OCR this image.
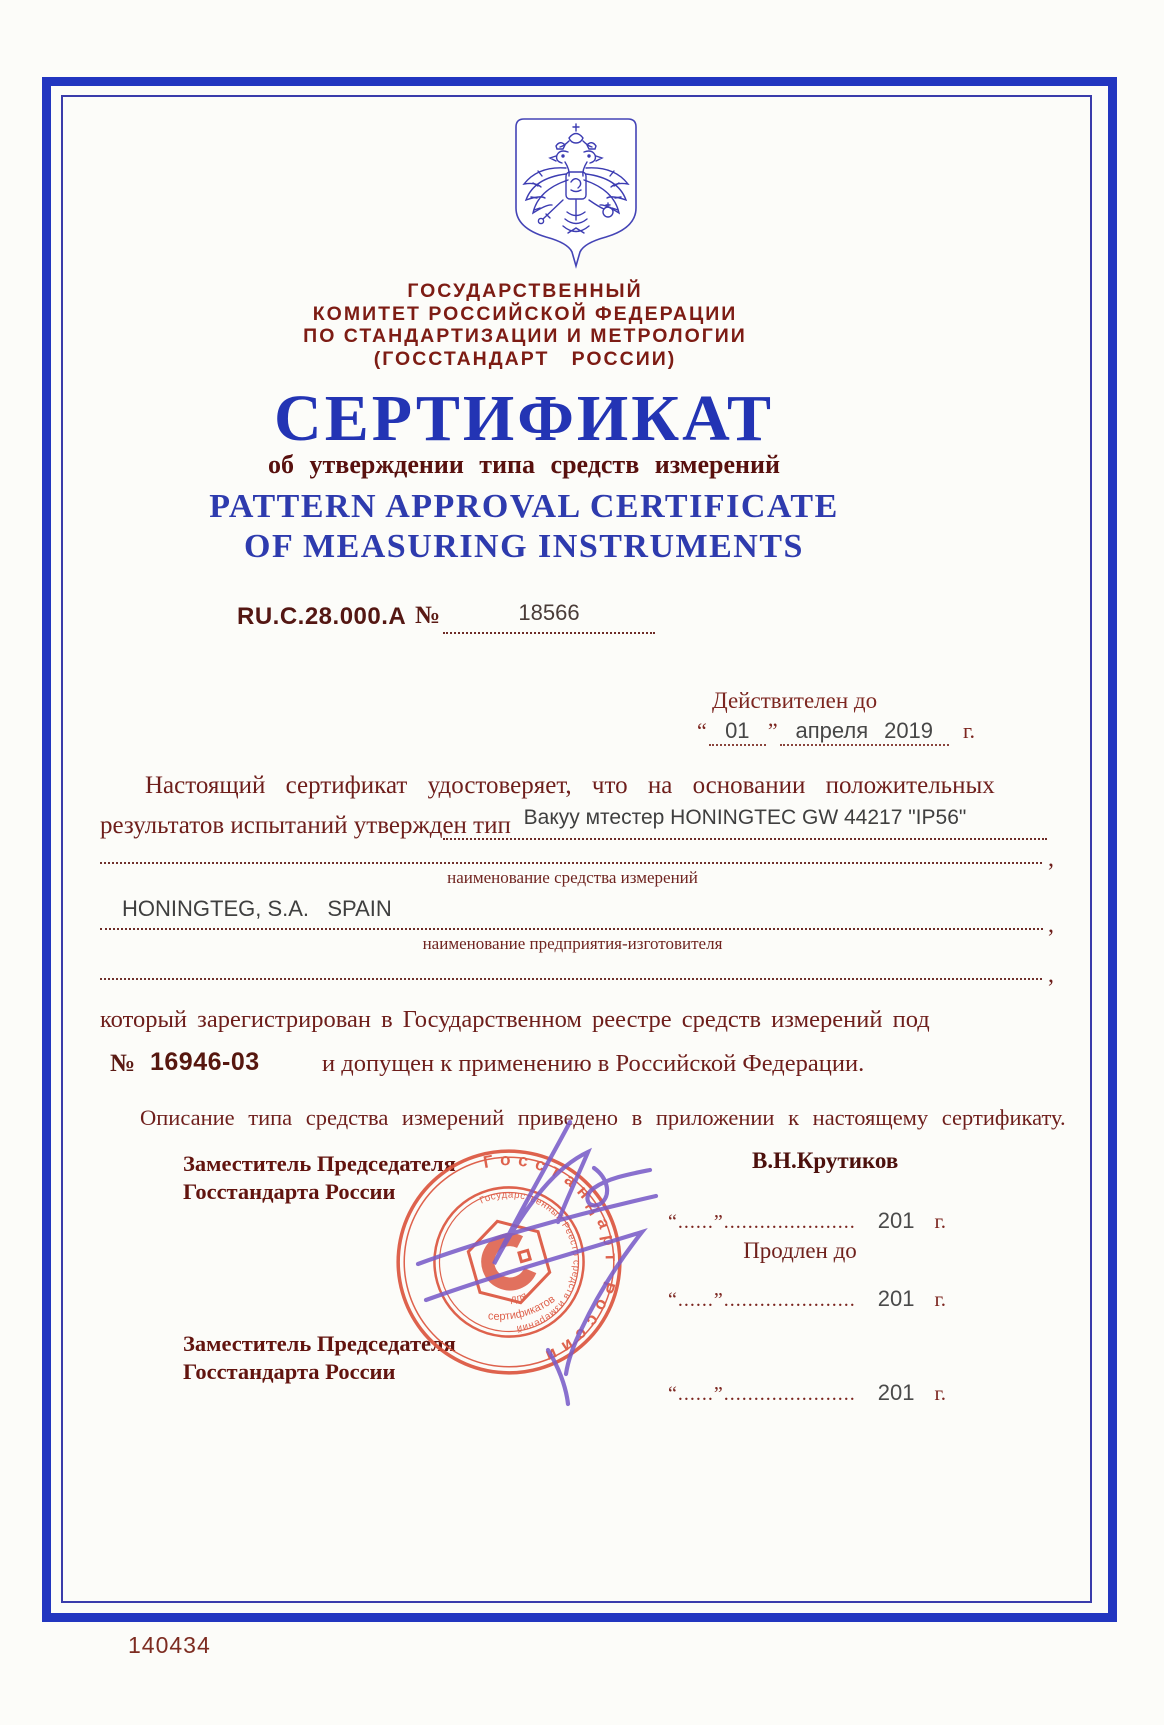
ГОСУДАРСТВЕННЫЙ
КОМИТЕТ РОССИЙСКОЙ ФЕДЕРАЦИИ
ПО СТАНДАРТИЗАЦИИ И МЕТРОЛОГИИ
(ГОССТАНДАРТ   РОССИИ)
СЕРТИФИКАТ
об утверждении типа средств измерений
PATTERN APPROVAL CERTIFICATE
OF MEASURING INSTRUMENTS
RU.C.28.000.A №	18566
Действителен до
“ 01 ” апреля 2019 г.
Настоящий сертификат удостоверяет, что на основании положительных
результатов испытаний утвержден тип Вакуу мтестер HONINGTEC GW 44217 "IP56"
,
наименование средства измерений
HONINGTEG, S.A.   SPAIN
,
наименование предприятия-изготовителя
,
который зарегистрирован в Государственном реестре средств измерений под
№ 16946-03	и допущен к применению в Российской Федерации.
Описание типа средства измерений приведено в приложении к настоящему сертификату.
Заместитель Председателя
Госстандарта России
В.Н.Крутиков
“......”...................... 201 г.
Продлен до
“......”...................... 201 г.
Заместитель Председателя
Госстандарта России
“......”...................... 201 г.
Госстандарт России
Государственный Реестр средств измерений
для
сертификатов
140434
